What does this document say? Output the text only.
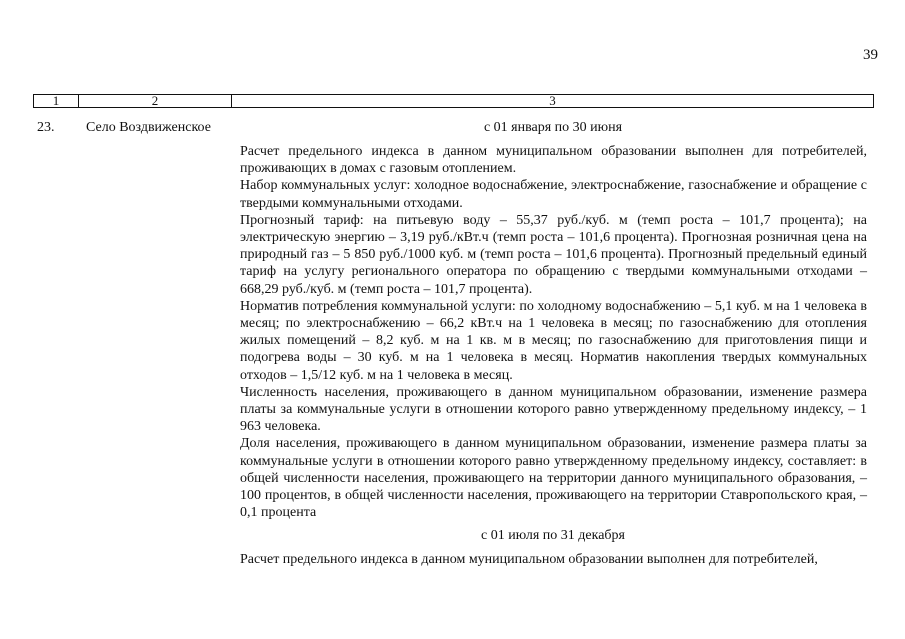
39
1	2	3
23.	Село Воздвиженское	с 01 января по 30 июня

Расчет предельного индекса в данном муниципальном образовании выполнен для потребителей, проживающих в домах с газовым отоплением.

Набор коммунальных услуг: холодное водоснабжение, электроснабжение, газоснабжение и обращение с твердыми коммунальными отходами.

Прогнозный тариф: на питьевую воду – 55,37 руб./куб. м (темп роста – 101,7 процента); на электрическую энергию – 3,19 руб./кВт.ч (темп роста – 101,6 процента). Прогнозная розничная цена на природный газ – 5 850 руб./1000 куб. м (темп роста – 101,6 процента). Прогнозный предельный единый тариф на услугу регионального оператора по обращению с твердыми коммунальными отходами – 668,29 руб./куб. м (темп роста – 101,7 процента).

Норматив потребления коммунальной услуги: по холодному водоснабжению – 5,1 куб. м на 1 человека в месяц; по электроснабжению – 66,2 кВт.ч на 1 человека в месяц; по газоснабжению для отопления жилых помещений – 8,2 куб. м на 1 кв. м в месяц; по газоснабжению для приготовления пищи и подогрева воды – 30 куб. м на 1 человека в месяц. Норматив накопления твердых коммунальных отходов – 1,5/12 куб. м на 1 человека в месяц.

Численность населения, проживающего в данном муниципальном образовании, изменение размера платы за коммунальные услуги в отношении которого равно утвержденному предельному индексу, – 1 963 человека.

Доля населения, проживающего в данном муниципальном образовании, изменение размера платы за коммунальные услуги в отношении которого равно утвержденному предельному индексу, составляет: в общей численности населения, проживающего на территории данного муниципального образования, – 100 процентов, в общей численности населения, проживающего на территории Ставропольского края, – 0,1 процента

с 01 июля по 31 декабря

Расчет предельного индекса в данном муниципальном образовании выполнен для потребителей,
